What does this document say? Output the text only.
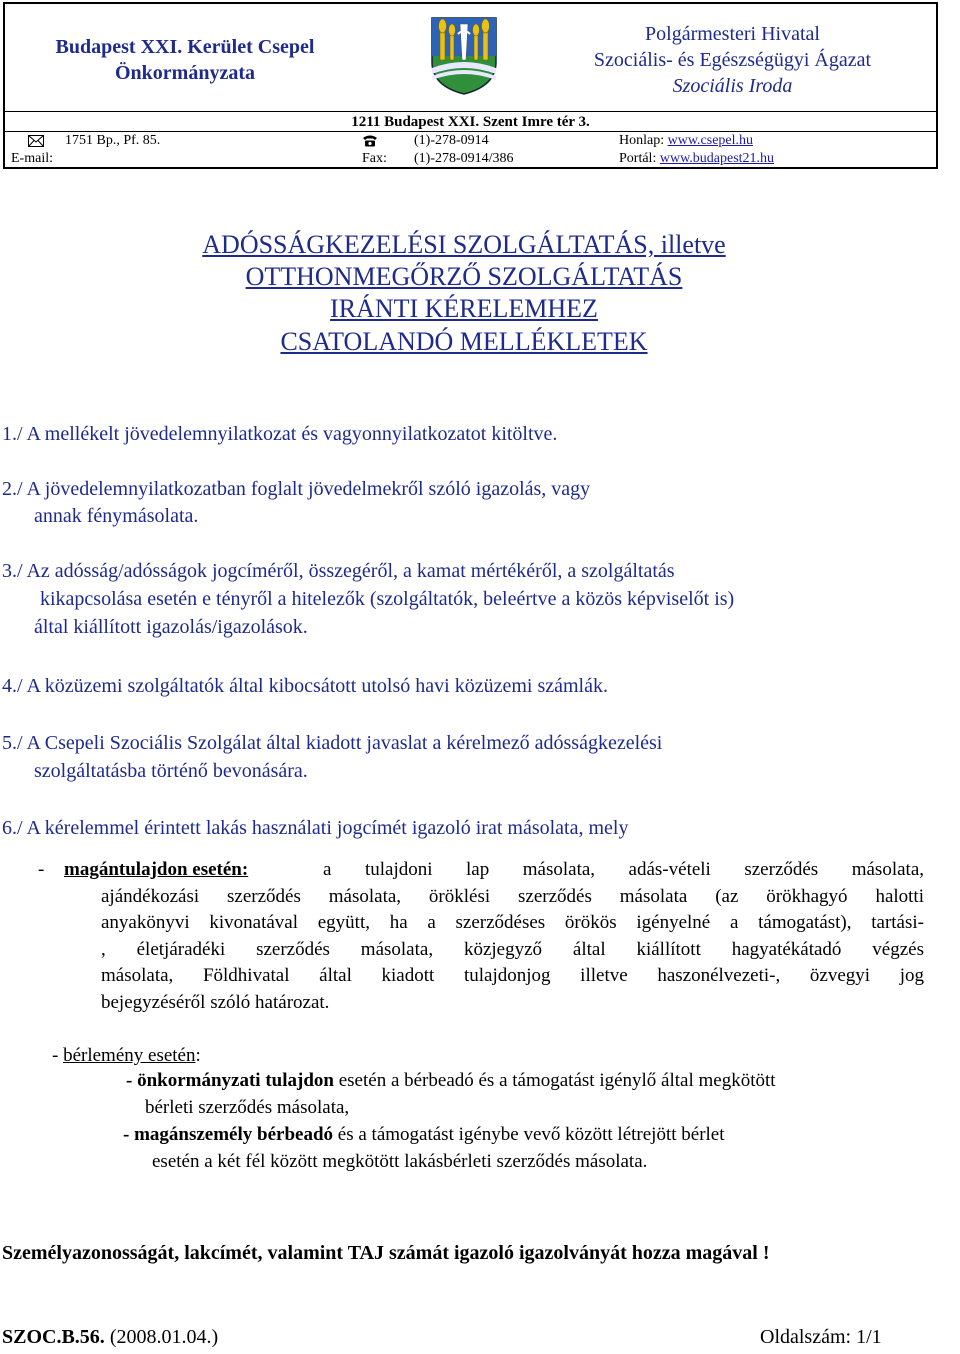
Budapest XXI. Kerület Csepel
Önkormányzata
Polgármesteri Hivatal
Szociális- és Egészségügyi Ágazat
Szociális Iroda
1211 Budapest XXI. Szent Imre tér 3.
1751 Bp., Pf. 85.	(1)-278-0914	Honlap: www.csepel.hu
E-mail:	Fax: (1)-278-0914/386	Portál: www.budapest21.hu
ADÓSSÁGKEZELÉSI SZOLGÁLTATÁS, illetve
OTTHONMEGŐRZŐ SZOLGÁLTATÁS
IRÁNTI KÉRELEMHEZ
CSATOLANDÓ MELLÉKLETEK
1./ A mellékelt jövedelemnyilatkozat és vagyonnyilatkozatot kitöltve.
2./ A jövedelemnyilatkozatban foglalt jövedelmekről szóló igazolás, vagy
annak fénymásolata.
3./ Az adósság/adósságok jogcíméről, összegéről, a kamat mértékéről, a szolgáltatás
kikapcsolása esetén e tényről a hitelezők (szolgáltatók, beleértve a közös képviselőt is)
által kiállított igazolás/igazolások.
4./ A közüzemi szolgáltatók által kibocsátott utolsó havi közüzemi számlák.
5./ A Csepeli Szociális Szolgálat által kiadott javaslat a kérelmező adósságkezelési
szolgáltatásba történő bevonására.
6./ A kérelemmel érintett lakás használati jogcímét igazoló irat másolata, mely
- magántulajdon esetén:	a tulajdoni lap másolata, adás-vételi szerződés másolata,
ajándékozási szerződés másolata, öröklési szerződés másolata (az örökhagyó halotti
anyakönyvi kivonatával együtt, ha a szerződéses örökös igényelné a támogatást), tartási-
, életjáradéki szerződés másolata, közjegyző által kiállított hagyatékátadó végzés
másolata, Földhivatal által kiadott tulajdonjog illetve haszonélvezeti-, özvegyi jog
bejegyzéséről szóló határozat.
- bérlemény esetén:
- önkormányzati tulajdon esetén a bérbeadó és a támogatást igénylő által megkötött
bérleti szerződés másolata,
- magánszemély bérbeadó és a támogatást igénybe vevő között létrejött bérlet
esetén a két fél között megkötött lakásbérleti szerződés másolata.
Személyazonosságát, lakcímét, valamint TAJ számát igazoló igazolványát hozza magával !
SZOC.B.56. (2008.01.04.)	Oldalszám: 1/1
